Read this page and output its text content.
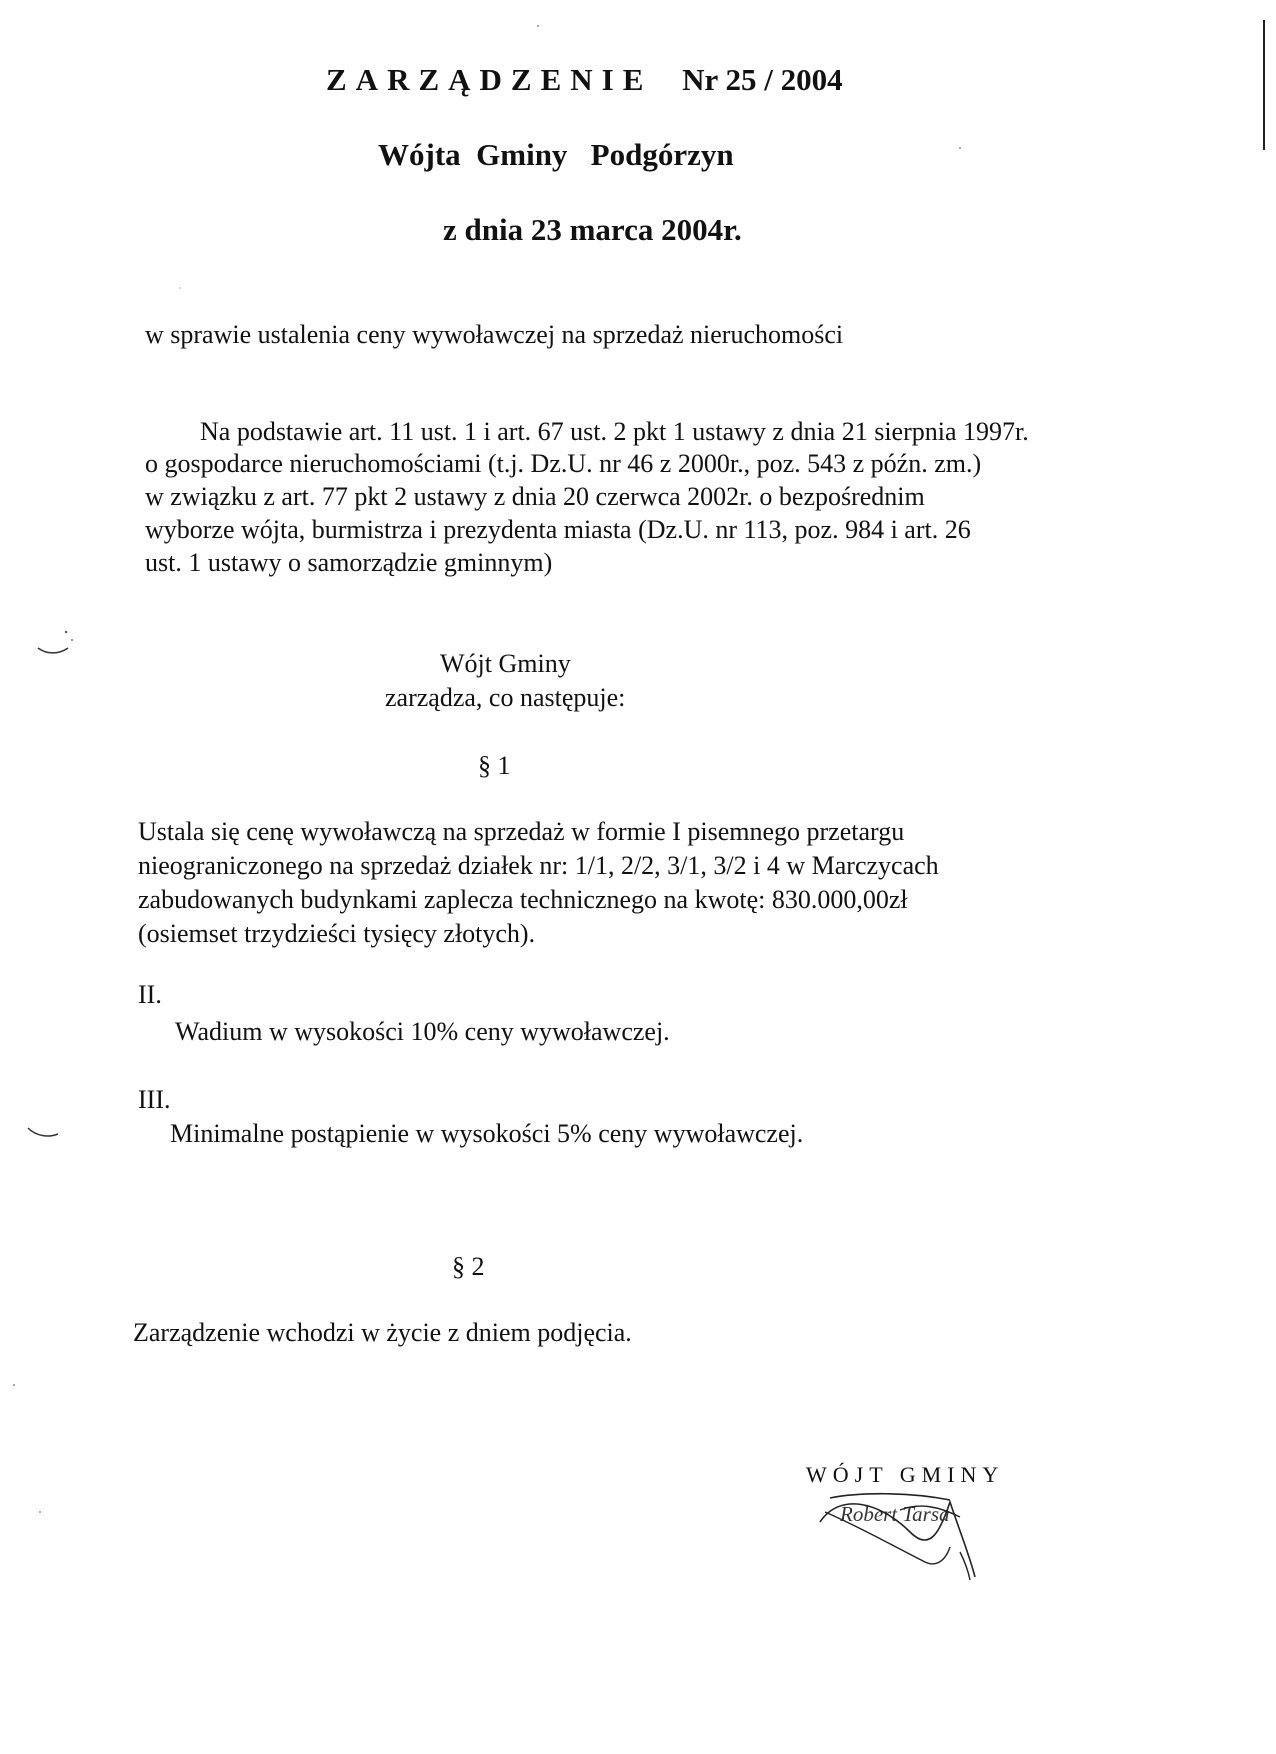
ZARZĄDZENIE Nr 25 / 2004
Wójta  Gminy   Podgórzyn
z dnia 23 marca 2004r.
w sprawie ustalenia ceny wywoławczej na sprzedaż nieruchomości
Na podstawie art. 11 ust. 1 i art. 67 ust. 2 pkt 1 ustawy z dnia 21 sierpnia 1997r.
o gospodarce nieruchomościami (t.j. Dz.U. nr 46 z 2000r., poz. 543 z późn. zm.)
w związku z art. 77 pkt 2 ustawy z dnia 20 czerwca 2002r. o bezpośrednim
wyborze wójta, burmistrza i prezydenta miasta (Dz.U. nr 113, poz. 984 i art. 26
ust. 1 ustawy o samorządzie gminnym)
Wójt Gminy
zarządza, co następuje:
§ 1
Ustala się cenę wywoławczą na sprzedaż w formie I pisemnego przetargu
nieograniczonego na sprzedaż działek nr: 1/1, 2/2, 3/1, 3/2 i 4 w Marczycach
zabudowanych budynkami zaplecza technicznego na kwotę: 830.000,00zł
(osiemset trzydzieści tysięcy złotych).
II.
Wadium w wysokości 10% ceny wywoławczej.
III.
Minimalne postąpienie w wysokości 5% ceny wywoławczej.
§ 2
Zarządzenie wchodzi w życie z dniem podjęcia.
WÓJT GMINY
Robert Tarsa
